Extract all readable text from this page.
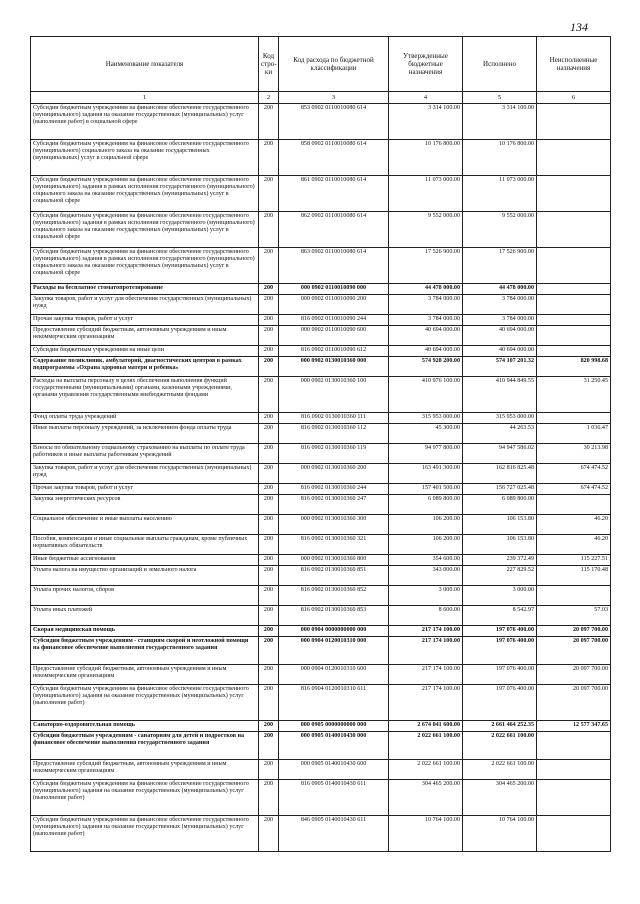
134
Наименование показателя	Код стро-ки	Код расхода по бюджетной классификации	Утвержденные бюджетные назначения	Исполнено	Неисполненные назначения
1	2	3	4	5	6
Субсидии бюджетным учреждениям на финансовое обеспечение государственного (муниципального) задания на оказание государственных (муниципальных) услуг (выполнение работ) в социальной сфере	200	853 0902 0110010080 614	3 314 100.00	3 314 100.00	
Субсидии бюджетным учреждениям на финансовое обеспечение государственного (муниципального) социального заказа на оказание государственных (муниципальных) услуг в социальной сфере	200	858 0902 0110010080 614	10 176 800.00	10 176 800.00	
Субсидии бюджетным учреждениям на финансовое обеспечение государственного (муниципального) задания в рамках исполнения государственного (муниципального) социального заказа на оказание государственных (муниципальных) услуг в социальной сфере	200	861 0902 0110010080 614	11 073 000.00	11 073 000.00	
Субсидии бюджетным учреждениям на финансовое обеспечение государственного (муниципального) задания в рамках исполнения государственного (муниципального) социального заказа на оказание государственных (муниципальных) услуг в социальной сфере	200	862 0902 0110010080 614	9 552 000.00	9 552 000.00	
Субсидии бюджетным учреждениям на финансовое обеспечение государственного (муниципального) задания в рамках исполнения государственного (муниципального) социального заказа на оказание государственных (муниципальных) услуг в социальной сфере	200	863 0902 0110010080 614	17 526 900.00	17 526 900.00	
Расходы на бесплатное стоматопротезирование	200	000 0902 0110010090 000	44 478 000.00	44 478 000.00	
Закупка товаров, работ и услуг для обеспечения государственных (муниципальных) нужд	200	000 0902 0110010090 200	3 784 000.00	3 784 000.00	
Прочая закупка товаров, работ и услуг	200	816 0902 0110010090 244	3 784 000.00	3 784 000.00	
Предоставление субсидий бюджетным, автономным учреждениям и иным некоммерческим организациям	200	000 0902 0110010090 600	40 694 000.00	40 694 000.00	
Субсидии бюджетным учреждениям на иные цели	200	816 0902 0110010090 612	40 694 000.00	40 694 000.00	
Содержание поликлиник, амбулаторий, диагностических центров в рамках подпрограммы «Охрана здоровья матери и ребенка»	200	000 0902 0130010360 000	574 928 200.00	574 107 201.32	820 998.68
Расходы на выплаты персоналу в целях обеспечения выполнения функций государственными (муниципальными) органами, казенными учреждениями, органами управления государственными внебюджетными фондами	200	000 0902 0130010360 100	410 976 100.00	410 944 849.55	31 250.45
Фонд оплаты труда учреждений	200	816 0902 0130010360 111	315 953 000.00	315 953 000.00	
Иные выплаты персоналу учреждений, за исключением фонда оплаты труда	200	816 0902 0130010360 112	45 300.00	44 263.53	1 036.47
Взносы по обязательному социальному страхованию на выплаты по оплате труда работников и иные выплаты работникам учреждений	200	816 0902 0130010360 119	94 977 800.00	94 947 586.02	30 213.98
Закупка товаров, работ и услуг для обеспечения государственных (муниципальных) нужд	200	000 0902 0130010360 200	163 491 300.00	162 816 825.48	674 474.52
Прочая закупка товаров, работ и услуг	200	816 0902 0130010360 244	157 401 500.00	156 727 025.48	674 474.52
Закупка энергетических ресурсов	200	816 0902 0130010360 247	6 089 800.00	6 089 800.00	
Социальное обеспечение и иные выплаты населению	200	000 0902 0130010360 300	106 200.00	106 153.80	46.20
Пособия, компенсации и иные социальные выплаты гражданам, кроме публичных нормативных обязательств	200	816 0902 0130010360 321	106 200.00	106 153.80	46.20
Иные бюджетные ассигнования	200	000 0902 0130010360 800	354 600.00	239 372.49	115 227.51
Уплата налога на имущество организаций и земельного налога	200	816 0902 0130010360 851	343 000.00	227 829.52	115 170.48
Уплата прочих налогов, сборов	200	816 0902 0130010360 852	3 000.00	3 000.00	
Уплата иных платежей	200	816 0902 0130010360 853	8 600.00	8 542.97	57.03
Скорая медицинская помощь	200	000 0904 0000000000 000	217 174 100.00	197 076 400.00	20 097 700.00
Субсидии бюджетным учреждениям - станциям скорой и неотложной помощи на финансовое обеспечение выполнения государственного задания	200	000 0904 0120010310 000	217 174 100.00	197 076 400.00	20 097 700.00
Предоставление субсидий бюджетным, автономным учреждениям и иным некоммерческим организациям	200	000 0904 0120010310 600	217 174 100.00	197 076 400.00	20 097 700.00
Субсидии бюджетным учреждениям на финансовое обеспечение государственного (муниципального) задания на оказание государственных (муниципальных) услуг (выполнение работ)	200	816 0904 0120010310 611	217 174 100.00	197 076 400.00	20 097 700.00
Санаторно-оздоровительная помощь	200	000 0905 0000000000 000	2 674 041 600.00	2 661 464 252.35	12 577 347.65
Субсидии бюджетным учреждениям - санаториям для детей и подростков на финансовое обеспечение выполнения государственного задания	200	000 0905 0140010430 000	2 022 661 100.00	2 022 661 100.00	
Предоставление субсидий бюджетным, автономным учреждениям и иным некоммерческим организациям	200	000 0905 0140010430 600	2 022 661 100.00	2 022 661 100.00	
Субсидии бюджетным учреждениям на финансовое обеспечение государственного (муниципального) задания на оказание государственных (муниципальных) услуг (выполнение работ)	200	816 0905 0140010430 611	304 465 200.00	304 465 200.00	
Субсидии бюджетным учреждениям на финансовое обеспечение государственного (муниципального) задания на оказание государственных (муниципальных) услуг (выполнение работ)	200	846 0905 0140010430 611	10 764 100.00	10 764 100.00	
